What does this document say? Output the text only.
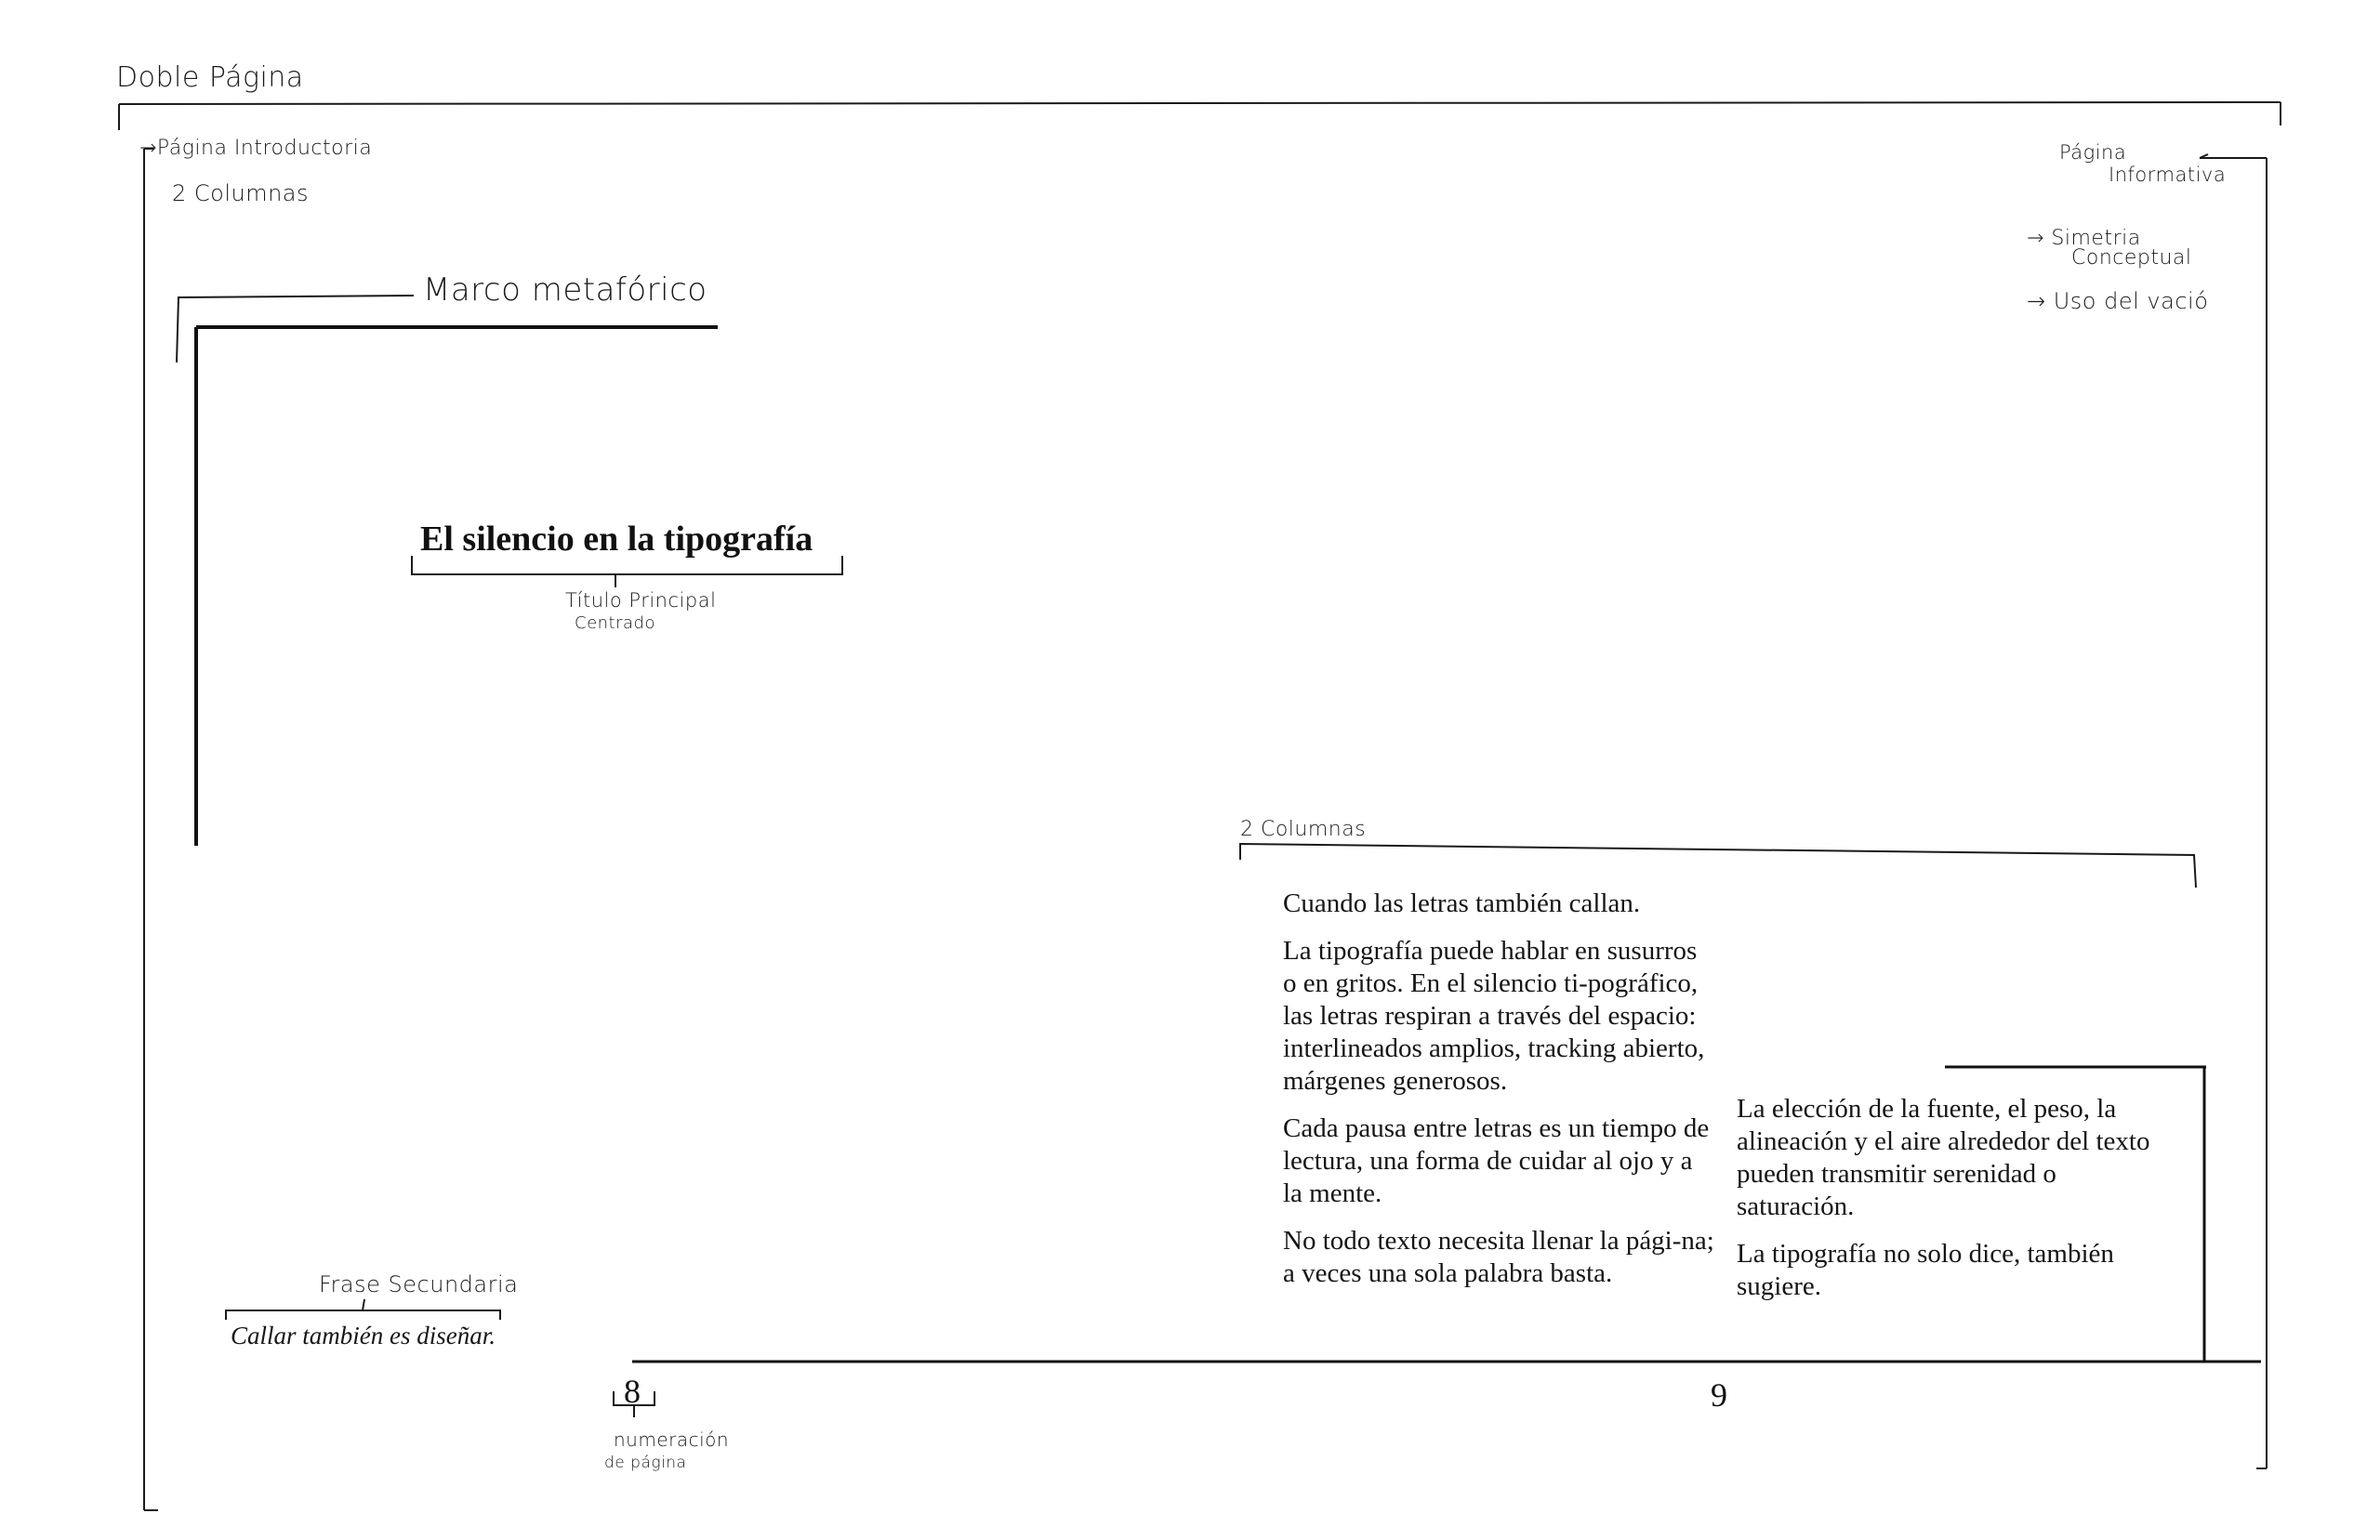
Doble Página
→Página Introductoria
2 Columnas
Página
Informativa
→ Simetria
Conceptual
→ Uso del vació
Marco metafórico
Título Principal
Centrado
2 Columnas
Frase Secundaria
numeración
de página
El silencio en la tipografía
Callar también es diseñar.
8

Cuando las letras también callan.

La tipografía puede hablar en susurros o en gritos. En el silencio ti-pográfico, las letras respiran a través del espacio: interlineados amplios, tracking abierto, márgenes generosos.

Cada pausa entre letras es un tiempo de lectura, una forma de cuidar al ojo y a la mente.

No todo texto necesita llenar la pági-na; a veces una sola palabra basta.

La elección de la fuente, el peso, la alineación y el aire alrededor del texto pueden transmitir serenidad o saturación.

La tipografía no solo dice, también sugiere.

9
